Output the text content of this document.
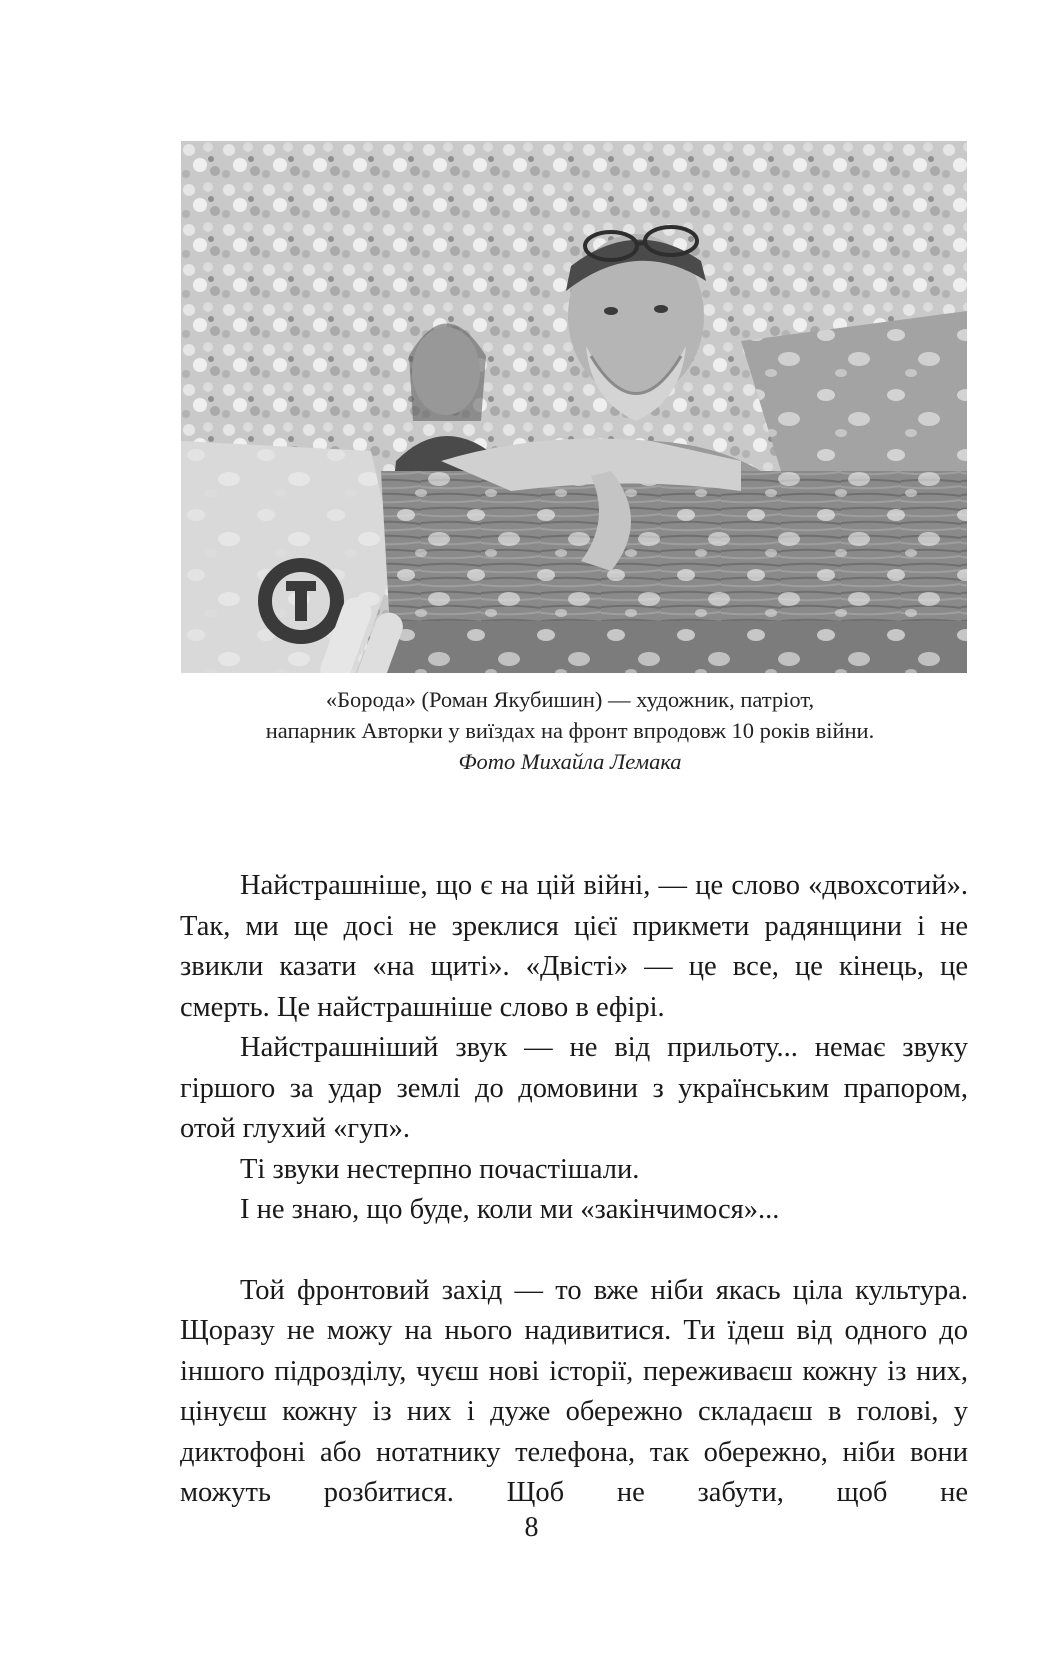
«Борода» (Роман Якубишин) — художник, патріот,
напарник Авторки у виїздах на фронт впродовж 10 років війни.
Фото Михайла Лемака

Найстрашніше, що є на цій війні, — це слово «двохсотий». Так, ми ще досі не зреклися цієї прикмети радянщини і не звикли казати «на щиті». «Двісті» — це все, це кінець, це смерть. Це найстрашніше слово в ефірі.

Найстрашніший звук — не від прильоту... немає звуку гіршого за удар землі до домовини з українським прапором, отой глухий «гуп».

Ті звуки нестерпно почастішали.

І не знаю, що буде, коли ми «закінчимося»...

Той фронтовий захід — то вже ніби якась ціла культура. Щоразу не можу на нього надивитися. Ти їдеш від одного до іншого підрозділу, чуєш нові історії, переживаєш кожну із них, цінуєш кожну із них і дуже обережно складаєш в голові, у диктофоні або нотатнику телефона, так обережно, ніби вони можуть розбитися. Щоб не забути, щоб не

8
